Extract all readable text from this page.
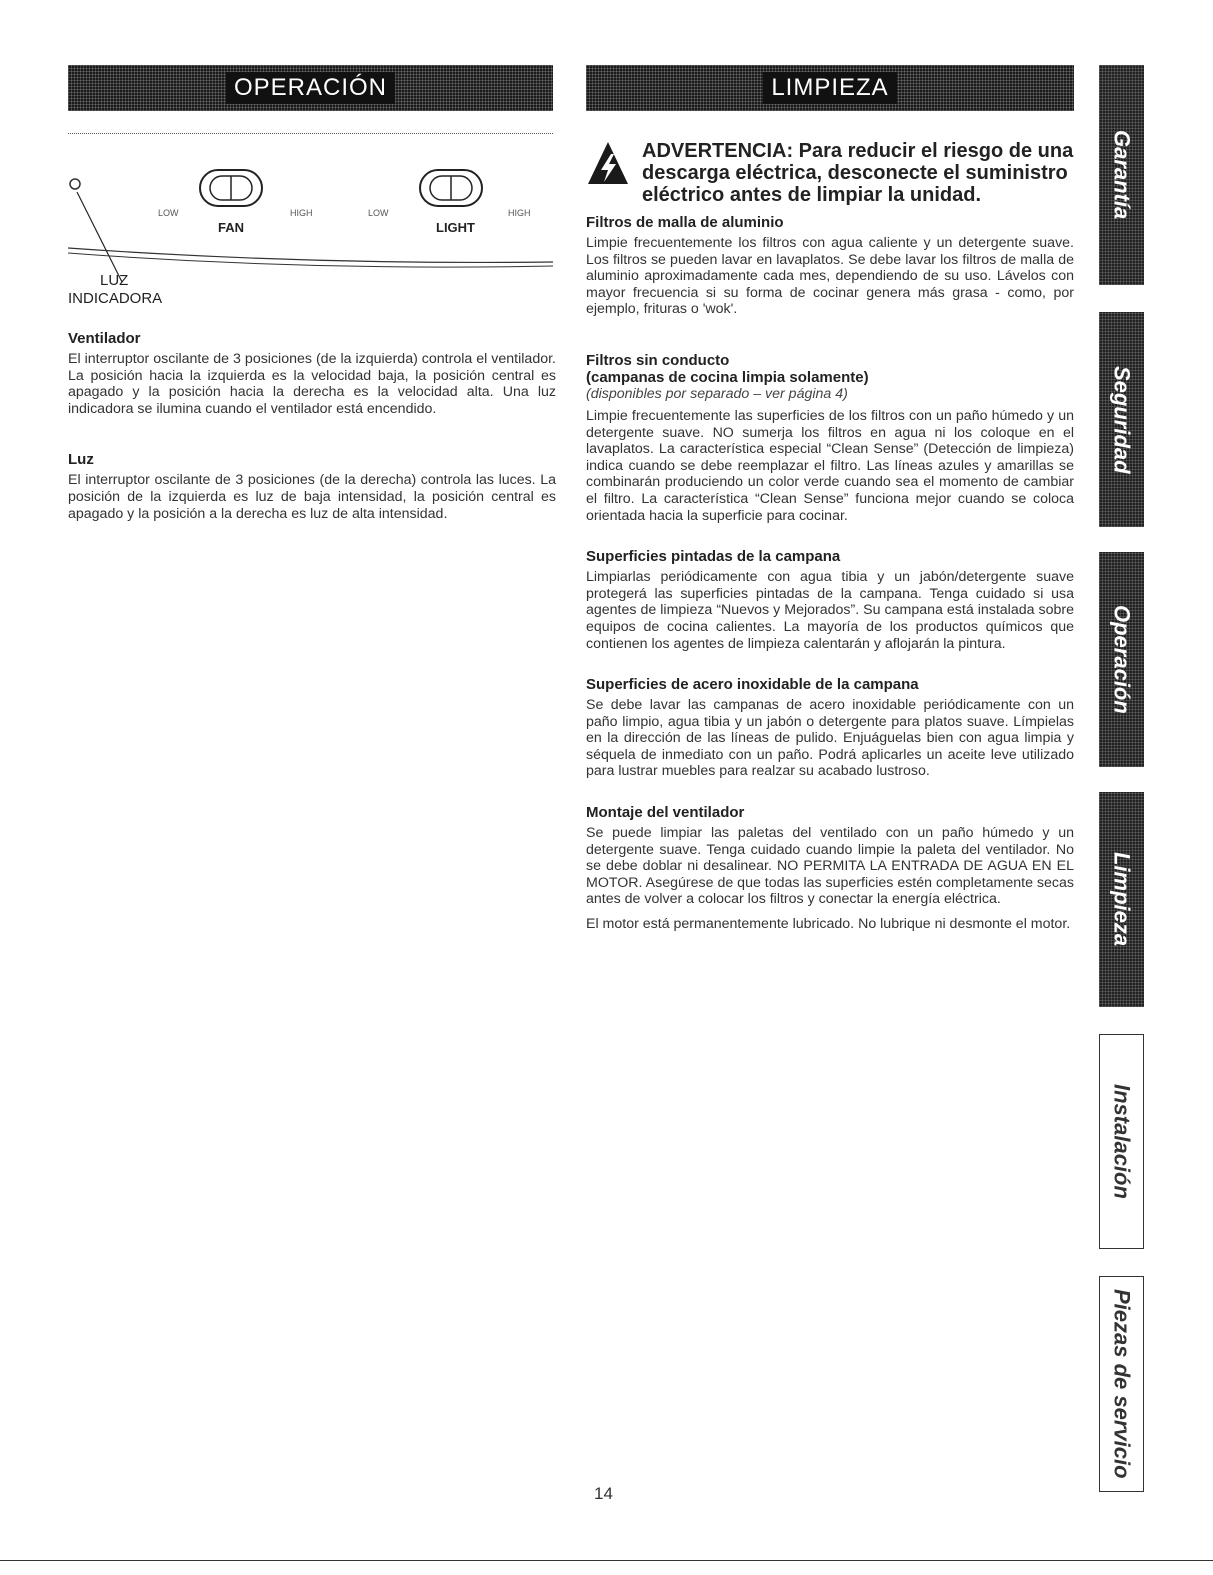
OPERACIÓN	LIMPIEZA
LOW
FAN
HIGH	LOW
LIGHT
HIGH
LUZ
INDICADORA
Ventilador

El interruptor oscilante de 3 posiciones (de la izquierda) controla el ventilador. La posición hacia la izquierda es la velocidad baja, la posición central es apagado y la posición hacia la derecha es la velocidad alta. Una luz indicadora se ilumina cuando el ventilador está encendido.

Luz

El interruptor oscilante de 3 posiciones (de la derecha) controla las luces. La posición de la izquierda es luz de baja intensidad, la posición central es apagado y la posición a la derecha es luz de alta intensidad.

ADVERTENCIA: Para reducir el riesgo de una descarga eléctrica, desconecte el suministro eléctrico antes de limpiar la unidad.
Filtros de malla de aluminio

Limpie frecuentemente los filtros con agua caliente y un detergente suave. Los filtros se pueden lavar en lavaplatos. Se debe lavar los filtros de malla de aluminio aproximadamente cada mes, dependiendo de su uso. Lávelos con mayor frecuencia si su forma de cocinar genera más grasa - como, por ejemplo, frituras o 'wok'.

Filtros sin conducto
(campanas de cocina limpia solamente)
(disponibles por separado – ver página 4)

Limpie frecuentemente las superficies de los filtros con un paño húmedo y un detergente suave. NO sumerja los filtros en agua ni los coloque en el lavaplatos. La característica especial “Clean Sense” (Detección de limpieza) indica cuando se debe reemplazar el filtro. Las líneas azules y amarillas se combinarán produciendo un color verde cuando sea el momento de cambiar el filtro. La característica “Clean Sense” funciona mejor cuando se coloca orientada hacia la superficie para cocinar.

Superficies pintadas de la campana

Limpiarlas periódicamente con agua tibia y un jabón/detergente suave protegerá las superficies pintadas de la campana. Tenga cuidado si usa agentes de limpieza “Nuevos y Mejorados”. Su campana está instalada sobre equipos de cocina calientes. La mayoría de los productos químicos que contienen los agentes de limpieza calentarán y aflojarán la pintura.

Superficies de acero inoxidable de la campana

Se debe lavar las campanas de acero inoxidable periódicamente con un paño limpio, agua tibia y un jabón o detergente para platos suave. Límpielas en la dirección de las líneas de pulido. Enjuáguelas bien con agua limpia y séquela de inmediato con un paño. Podrá aplicarles un aceite leve utilizado para lustrar muebles para realzar su acabado lustroso.

Montaje del ventilador

Se puede limpiar las paletas del ventilado con un paño húmedo y un detergente suave. Tenga cuidado cuando limpie la paleta del ventilador. No se debe doblar ni desalinear. NO PERMITA LA ENTRADA DE AGUA EN EL MOTOR. Asegúrese de que todas las superficies estén completamente secas antes de volver a colocar los filtros y conectar la energía eléctrica.

El motor está permanentemente lubricado. No lubrique ni desmonte el motor.

Garantía
Seguridad
Operación
Limpieza
Instalación
Piezas de servicio
14
